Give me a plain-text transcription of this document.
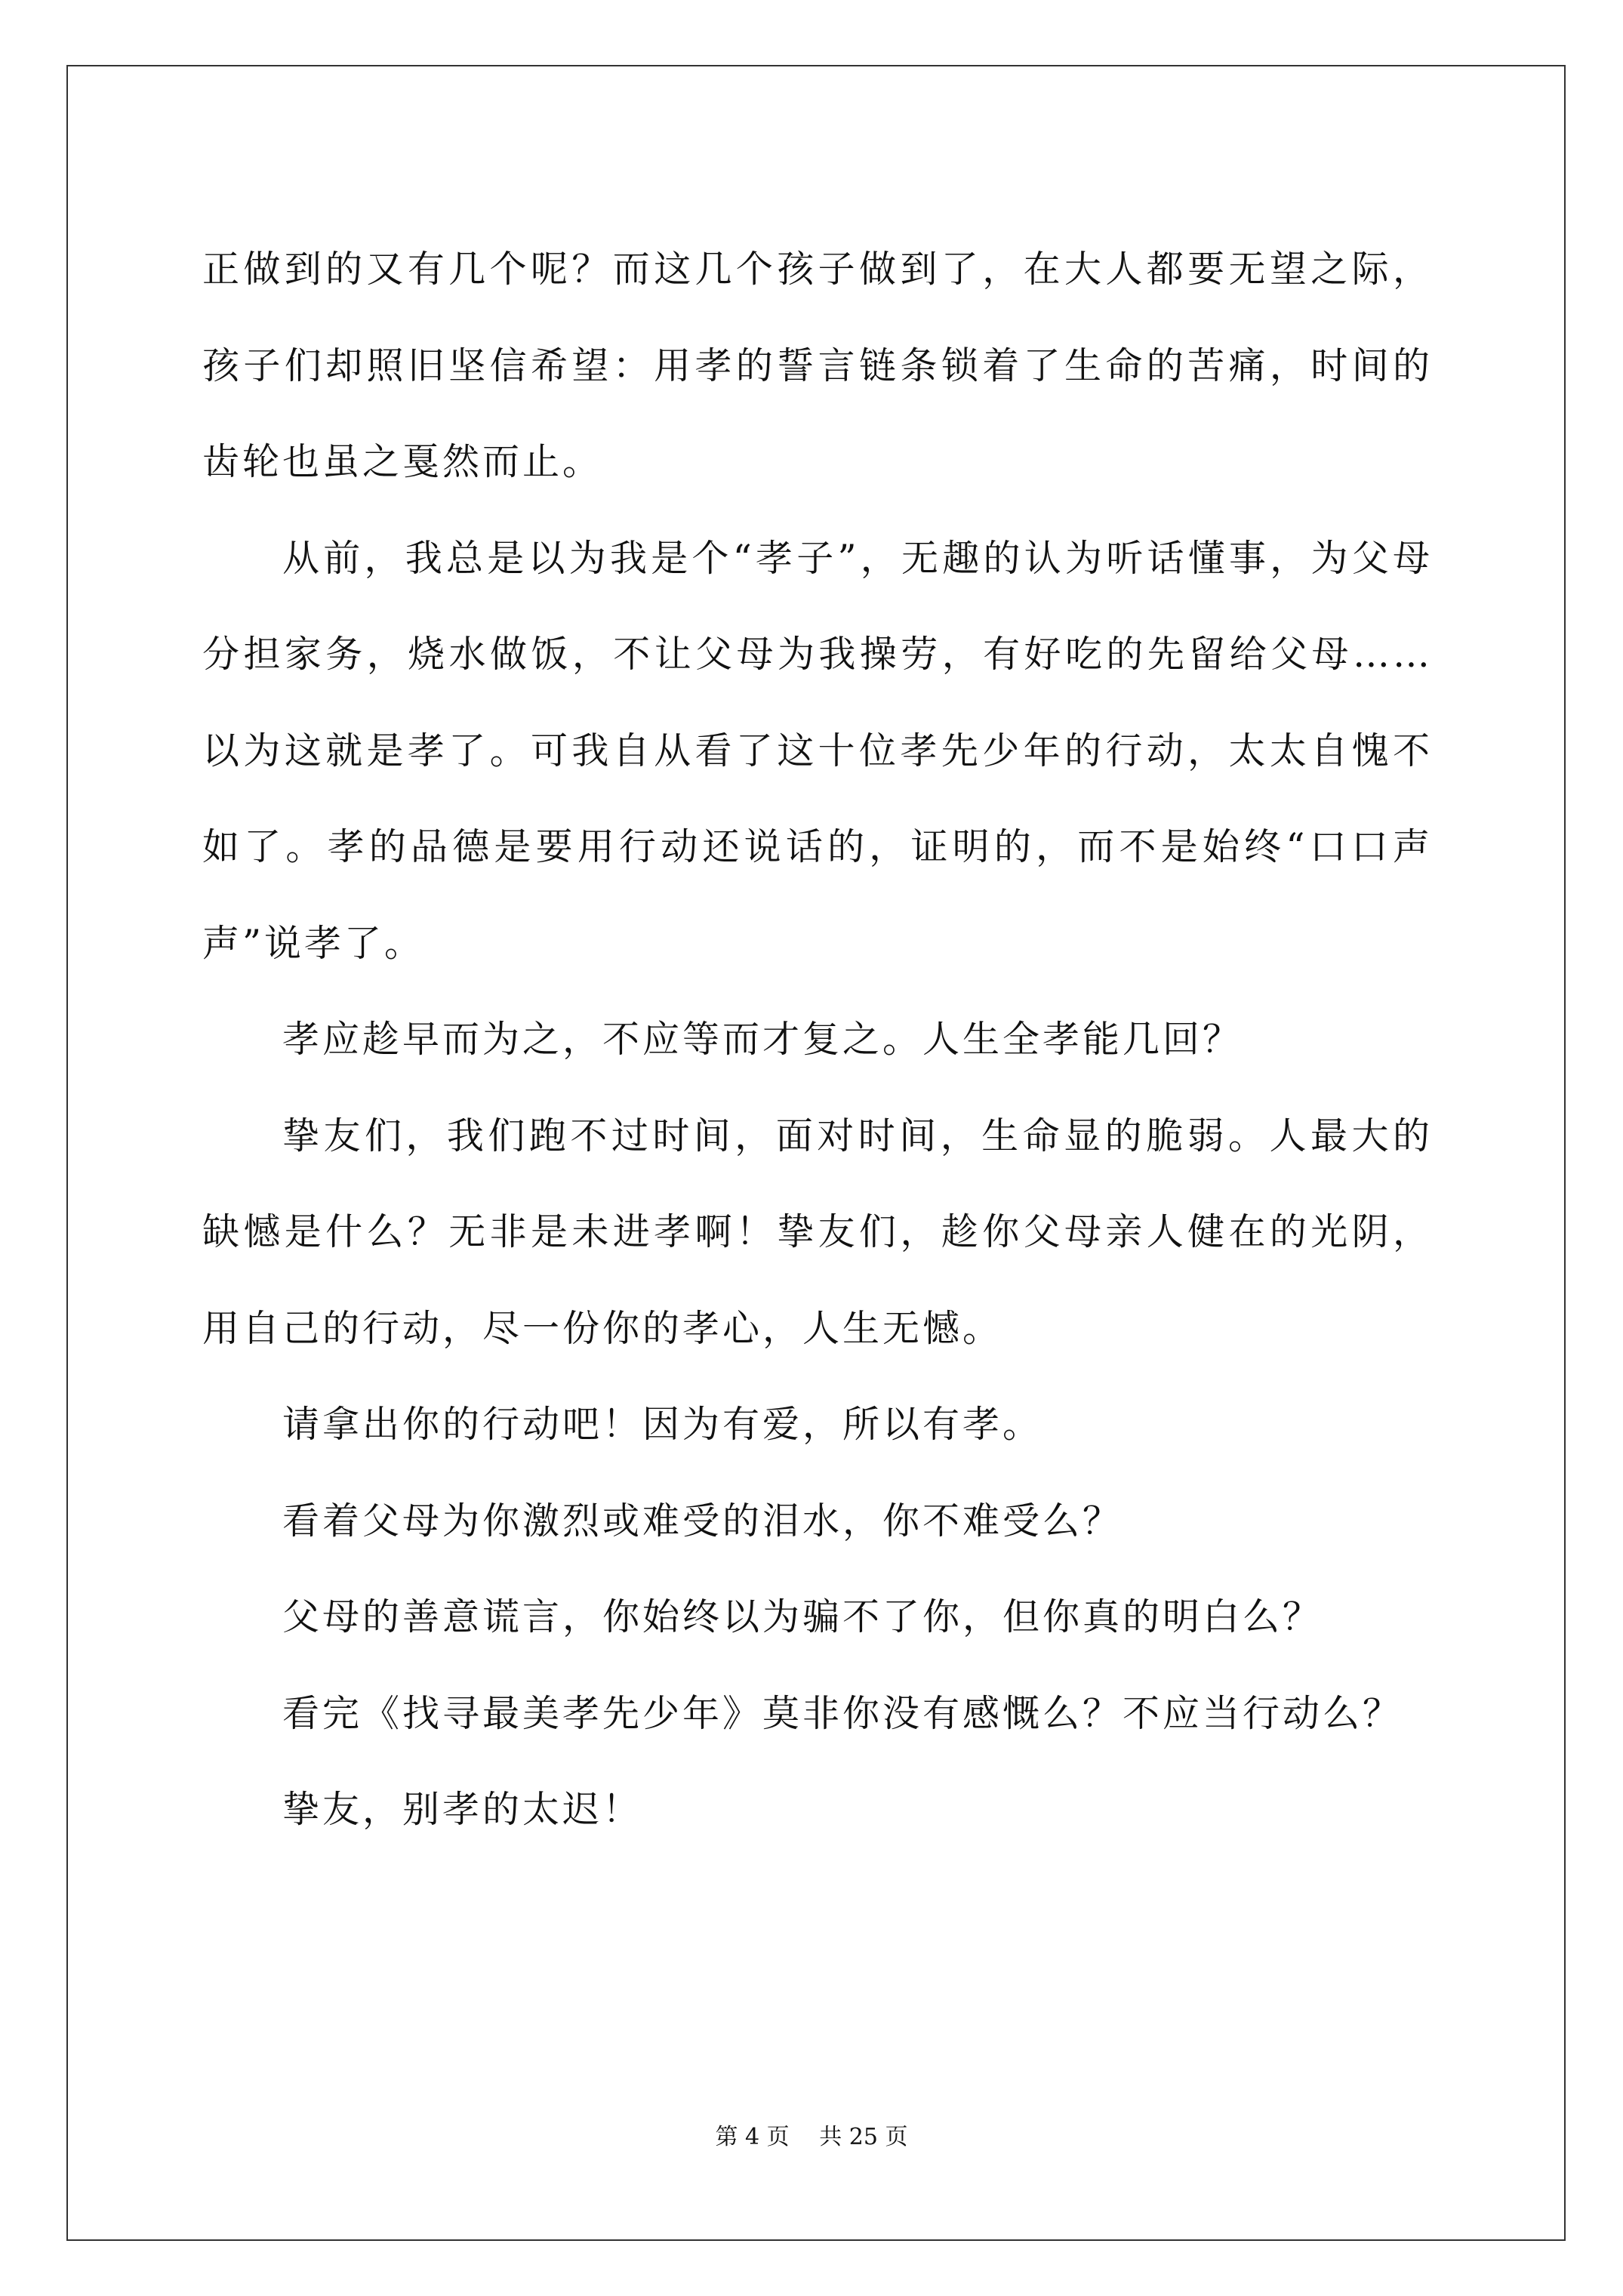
正做到的又有几个呢？而这几个孩子做到了，在大人都要无望之际，孩子们却照旧坚信希望：用孝的誓言链条锁着了生命的苦痛，时间的齿轮也虽之戛然而止。

从前，我总是以为我是个“孝子”，无趣的认为听话懂事，为父母分担家务，烧水做饭，不让父母为我操劳，有好吃的先留给父母……以为这就是孝了。可我自从看了这十位孝先少年的行动，太太自愧不如了。孝的品德是要用行动还说话的，证明的，而不是始终“口口声声”说孝了。

孝应趁早而为之，不应等而才复之。人生全孝能几回？

挚友们，我们跑不过时间，面对时间，生命显的脆弱。人最大的缺憾是什么？无非是未进孝啊！挚友们，趁你父母亲人健在的光阴，用自己的行动，尽一份你的孝心，人生无憾。

请拿出你的行动吧！因为有爱，所以有孝。

看着父母为你激烈或难受的泪水，你不难受么？

父母的善意谎言，你始终以为骗不了你，但你真的明白么？

看完《找寻最美孝先少年》莫非你没有感慨么？不应当行动么？

挚友，别孝的太迟！

第 4 页　 共 25 页
